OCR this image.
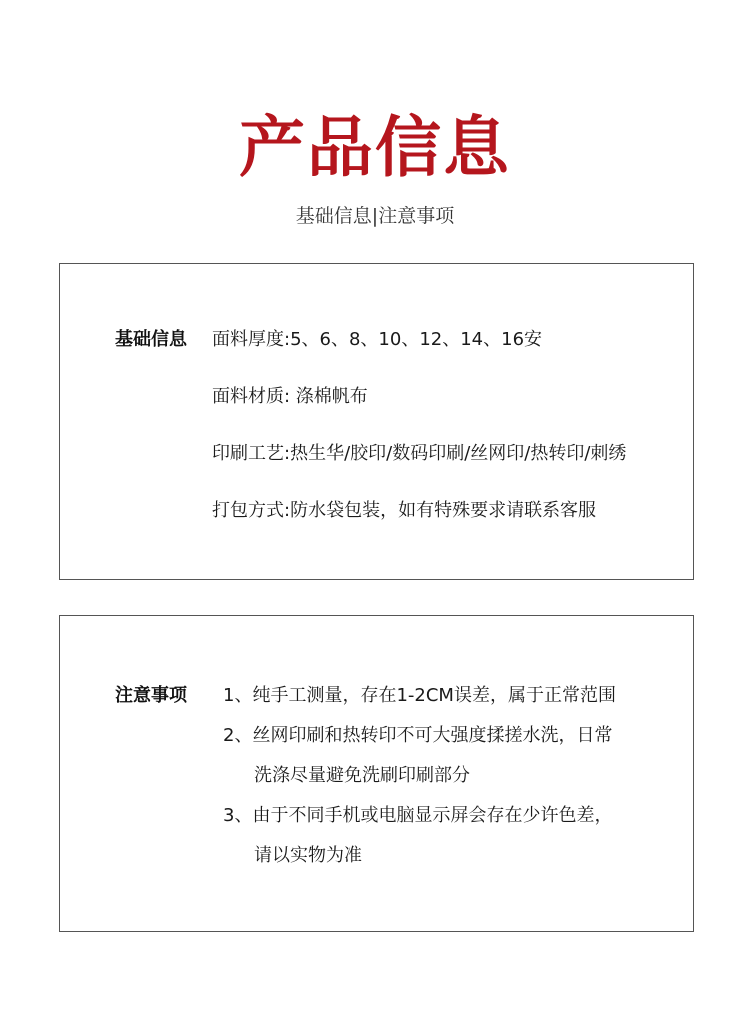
产品信息
基础信息|注意事项
基础信息 面料厚度:5、6、8、10、12、14、16安
面料材质: 涤棉帆布
印刷工艺:热生华/胶印/数码印刷/丝网印/热转印/刺绣
打包方式:防水袋包装，如有特殊要求请联系客服
注意事项 1、纯手工测量，存在1-2CM误差，属于正常范围
2、丝网印刷和热转印不可大强度揉搓水洗，日常
洗涤尽量避免洗刷印刷部分
3、由于不同手机或电脑显示屏会存在少许色差，
请以实物为准
